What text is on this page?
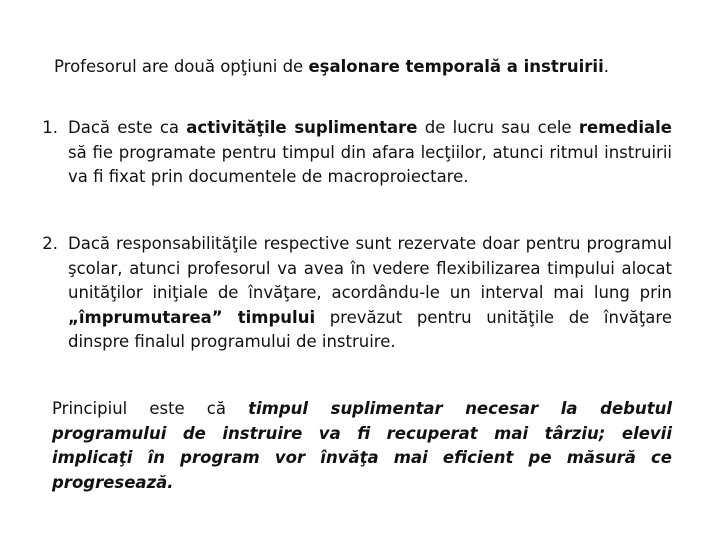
Profesorul are două opţiuni de eşalonare temporală a instruirii.

1. Dacă este ca activităţile suplimentare de lucru sau cele remediale să fie programate pentru timpul din afara lecţiilor, atunci ritmul instruirii va fi fixat prin documentele de macroproiectare.
2. Dacă responsabilităţile respective sunt rezervate doar pentru programul şcolar, atunci profesorul va avea în vedere flexibilizarea timpului alocat unităţilor iniţiale de învăţare, acordându-le un interval mai lung prin „împrumutarea” timpului prevăzut pentru unităţile de învăţare dinspre finalul programului de instruire.

Principiul este că timpul suplimentar necesar la debutul programului de instruire va fi recuperat mai târziu; elevii implicaţi în program vor învăţa mai eficient pe măsură ce progresează.
